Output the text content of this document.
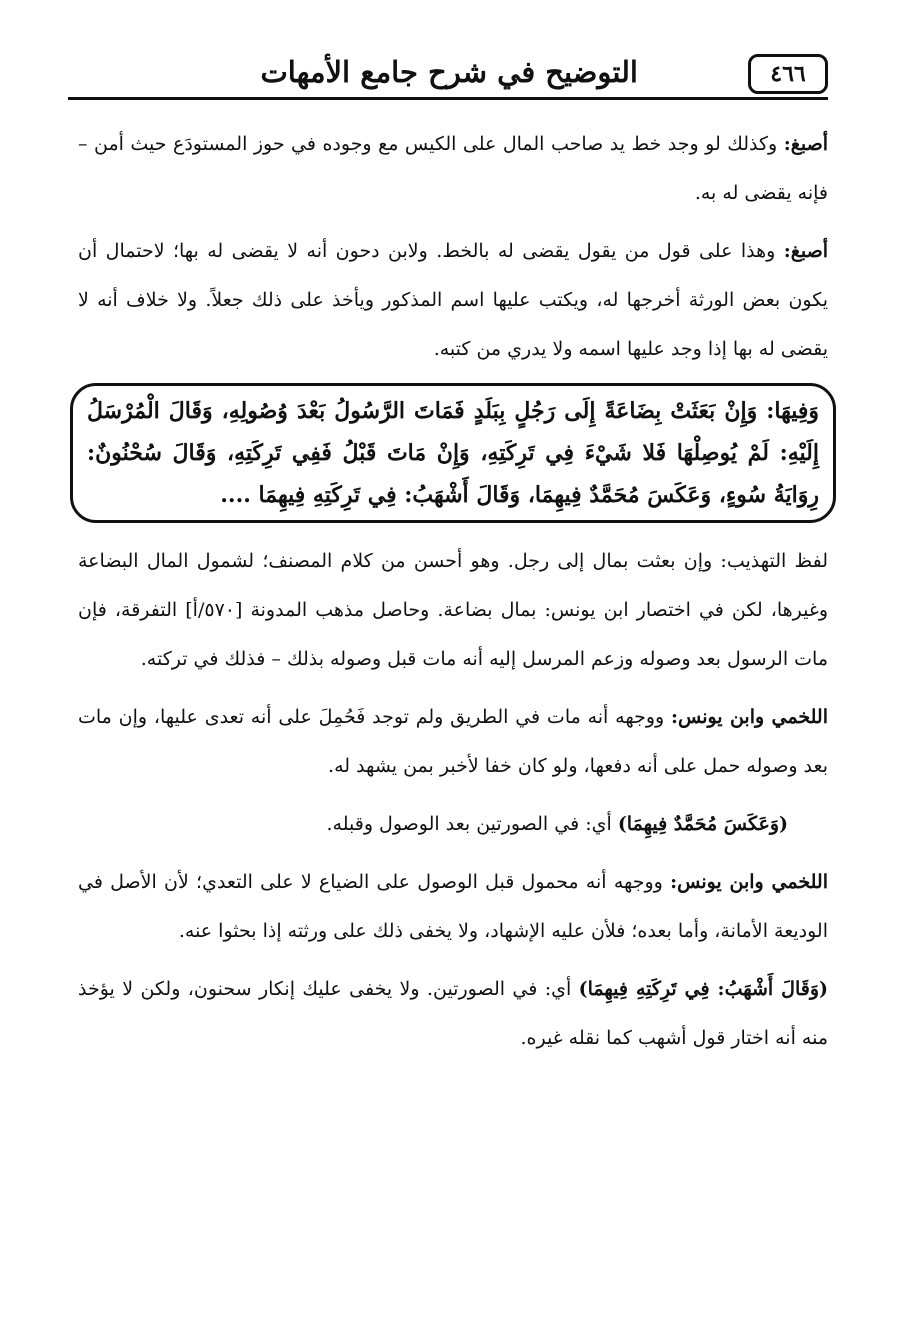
التوضيح في شرح جامع الأمهات	٤٦٦

أصبغ: وكذلك لو وجد خط يد صاحب المال على الكيس مع وجوده في حوز المستودَع حيث أمن – فإنه يقضى له به.

أصبغ: وهذا على قول من يقول يقضى له بالخط. ولابن دحون أنه لا يقضى له بها؛ لاحتمال أن يكون بعض الورثة أخرجها له، ويكتب عليها اسم المذكور ويأخذ على ذلك جعلاً. ولا خلاف أنه لا يقضى له بها إذا وجد عليها اسمه ولا يدري من كتبه.

وَفِيهَا: وَإِنْ بَعَثَتْ بِضَاعَةً إِلَى رَجُلٍ بِبَلَدٍ فَمَاتَ الرَّسُولُ بَعْدَ وُصُولِهِ، وَقَالَ الْمُرْسَلُ إِلَيْهِ: لَمْ يُوصِلْهَا فَلا شَيْءَ فِي تَرِكَتِهِ، وَإِنْ مَاتَ قَبْلُ فَفِي تَرِكَتِهِ، وَقَالَ سُحْنُونٌ: رِوَايَةُ سُوءٍ، وَعَكَسَ مُحَمَّدٌ فِيهِمَا، وَقَالَ أَشْهَبُ: فِي تَرِكَتِهِ فِيهِمَا ....

لفظ التهذيب: وإن بعثت بمال إلى رجل. وهو أحسن من كلام المصنف؛ لشمول المال البضاعة وغيرها، لكن في اختصار ابن يونس: بمال بضاعة. وحاصل مذهب المدونة [٥٧٠/أ] التفرقة، فإن مات الرسول بعد وصوله وزعم المرسل إليه أنه مات قبل وصوله بذلك – فذلك في تركته.

اللخمي وابن يونس: ووجهه أنه مات في الطريق ولم توجد فَحُمِلَ على أنه تعدى عليها، وإن مات بعد وصوله حمل على أنه دفعها، ولو كان خفا لأخبر بمن يشهد له.

(وَعَكَسَ مُحَمَّدٌ فِيهِمَا) أي: في الصورتين بعد الوصول وقبله.

اللخمي وابن يونس: ووجهه أنه محمول قبل الوصول على الضياع لا على التعدي؛ لأن الأصل في الوديعة الأمانة، وأما بعده؛ فلأن عليه الإشهاد، ولا يخفى ذلك على ورثته إذا بحثوا عنه.

(وَقَالَ أَشْهَبُ: فِي تَرِكَتِهِ فِيهِمَا) أي: في الصورتين. ولا يخفى عليك إنكار سحنون، ولكن لا يؤخذ منه أنه اختار قول أشهب كما نقله غيره.
